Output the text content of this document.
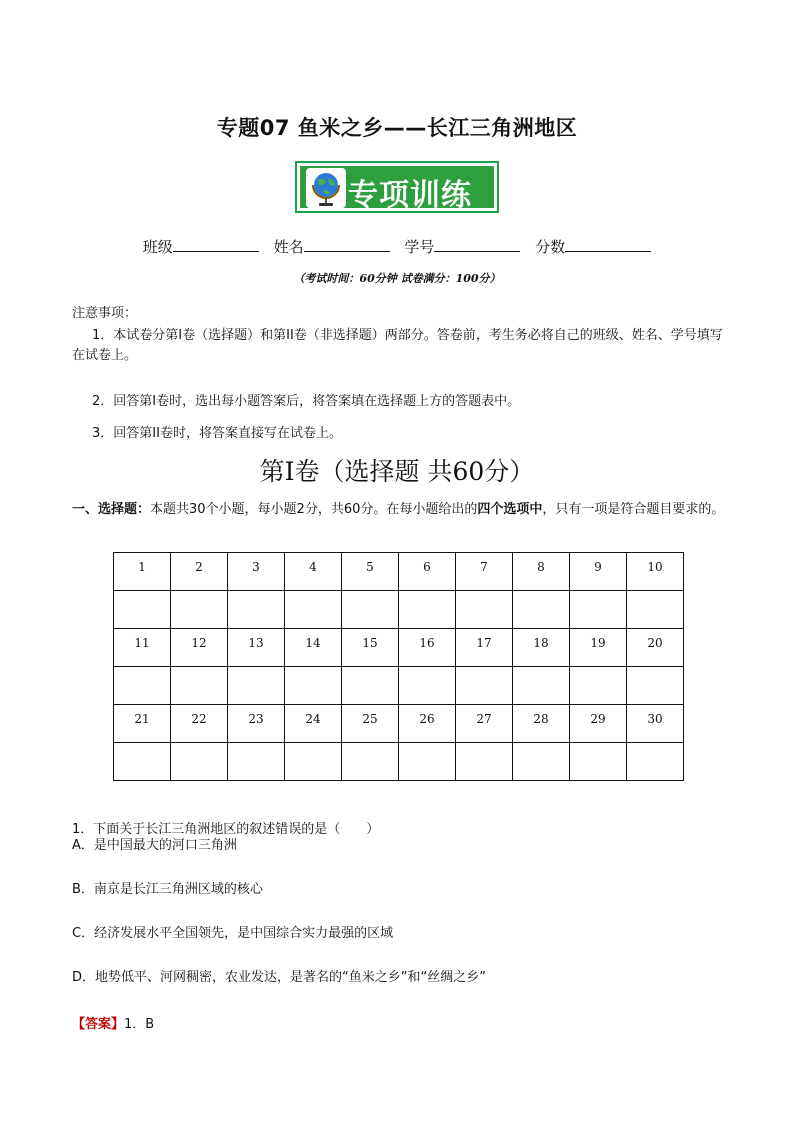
专题07 鱼米之乡——长江三角洲地区
专项训练
班级	姓名	学号	分数
（考试时间：60分钟 试卷满分：100分）
注意事项：
1．本试卷分第I卷（选择题）和第II卷（非选择题）两部分。答卷前，考生务必将自己的班级、姓名、学号填写在试卷上。
2．回答第I卷时，选出每小题答案后，将答案填在选择题上方的答题表中。
3．回答第II卷时，将答案直接写在试卷上。
第I卷（选择题 共60分）
一、选择题：本题共30个小题，每小题2分，共60分。在每小题给出的四个选项中，只有一项是符合题目要求的。
1	2	3	4	5	6	7	8	9	10

11	12	13	14	15	16	17	18	19	20

21	22	23	24	25	26	27	28	29	30

1．下面关于长江三角洲地区的叙述错误的是（　　）
A．是中国最大的河口三角洲
B．南京是长江三角洲区域的核心
C．经济发展水平全国领先，是中国综合实力最强的区域
D．地势低平、河网稠密，农业发达，是著名的“鱼米之乡”和“丝绸之乡”
【答案】1．B
